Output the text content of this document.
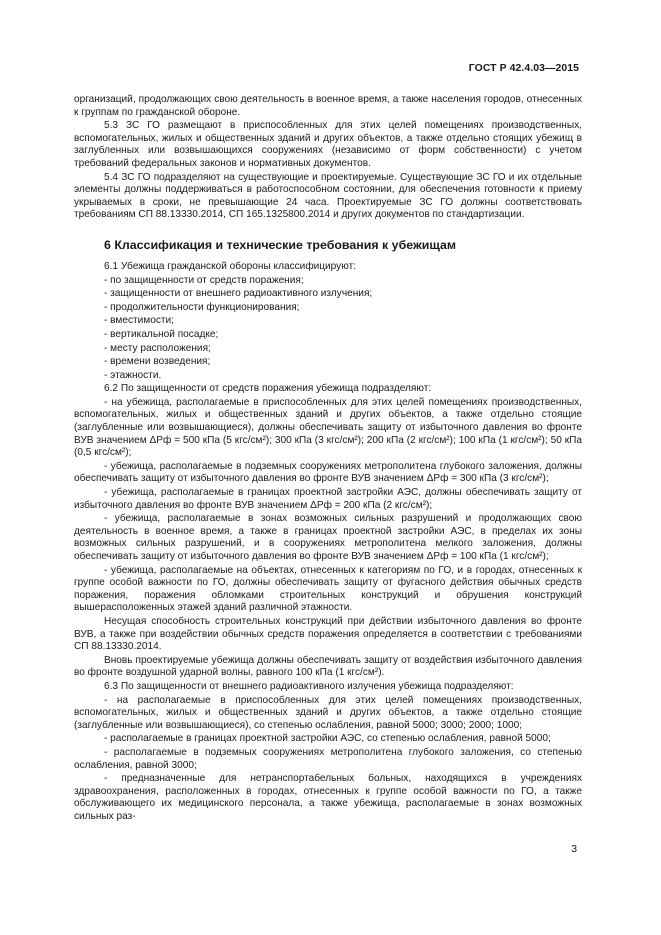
ГОСТ Р 42.4.03—2015
организаций, продолжающих свою деятельность в военное время, а также населения городов, отнесенных к группам по гражданской обороне.
5.3 ЗС ГО размещают в приспособленных для этих целей помещениях производственных, вспомогательных, жилых и общественных зданий и других объектов, а также отдельно стоящих убежищ в заглубленных или возвышающихся сооружениях (независимо от форм собственности) с учетом требований федеральных законов и нормативных документов.
5.4 ЗС ГО подразделяют на существующие и проектируемые. Существующие ЗС ГО и их отдельные элементы должны поддерживаться в работоспособном состоянии, для обеспечения готовности к приему укрываемых в сроки, не превышающие 24 часа. Проектируемые ЗС ГО должны соответствовать требованиям СП 88.13330.2014, СП 165.1325800.2014 и других документов по стандартизации.
6 Классификация и технические требования к убежищам
6.1 Убежища гражданской обороны классифицируют:
- по защищенности от средств поражения;
- защищенности от внешнего радиоактивного излучения;
- продолжительности функционирования;
- вместимости;
- вертикальной посадке;
- месту расположения;
- времени возведения;
- этажности.
6.2 По защищенности от средств поражения убежища подразделяют:
- на убежища, располагаемые в приспособленных для этих целей помещениях производственных, вспомогательных, жилых и общественных зданий и других объектов, а также отдельно стоящие (заглубленные или возвышающиеся), должны обеспечивать защиту от избыточного давления во фронте ВУВ значением ΔPф = 500 кПа (5 кгс/см²); 300 кПа (3 кгс/см²); 200 кПа (2 кгс/см²); 100 кПа (1 кгс/см²); 50 кПа (0,5 кгс/см²);
- убежища, располагаемые в подземных сооружениях метрополитена глубокого заложения, должны обеспечивать защиту от избыточного давления во фронте ВУВ значением ΔPф = 300 кПа (3 кгс/см²);
- убежища, располагаемые в границах проектной застройки АЭС, должны обеспечивать защиту от избыточного давления во фронте ВУВ значением ΔPф = 200 кПа (2 кгс/см²);
- убежища, располагаемые в зонах возможных сильных разрушений и продолжающих свою деятельность в военное время, а также в границах проектной застройки АЭС, в пределах их зоны возможных сильных разрушений, и в сооружениях метрополитена мелкого заложения, должны обеспечивать защиту от избыточного давления во фронте ВУВ значением ΔPф = 100 кПа (1 кгс/см²);
- убежища, располагаемые на объектах, отнесенных к категориям по ГО, и в городах, отнесенных к группе особой важности по ГО, должны обеспечивать защиту от фугасного действия обычных средств поражения, поражения обломками строительных конструкций и обрушения конструкций вышерасположенных этажей зданий различной этажности.
Несущая способность строительных конструкций при действии избыточного давления во фронте ВУВ, а также при воздействии обычных средств поражения определяется в соответствии с требованиями СП 88.13330.2014.
Вновь проектируемые убежища должны обеспечивать защиту от воздействия избыточного давления во фронте воздушной ударной волны, равного 100 кПа (1 кгс/см²).
6.3 По защищенности от внешнего радиоактивного излучения убежища подразделяют:
- на располагаемые в приспособленных для этих целей помещениях производственных, вспомогательных, жилых и общественных зданий и других объектов, а также отдельно стоящие (заглубленные или возвышающиеся), со степенью ослабления, равной 5000; 3000; 2000; 1000;
- располагаемые в границах проектной застройки АЭС, со степенью ослабления, равной 5000;
- располагаемые в подземных сооружениях метрополитена глубокого заложения, со степенью ослабления, равной 3000;
- предназначенные для нетранспортабельных больных, находящихся в учреждениях здравоохранения, расположенных в городах, отнесенных к группе особой важности по ГО, а также обслуживающего их медицинского персонала, а также убежища, располагаемые в зонах возможных сильных раз-
3
